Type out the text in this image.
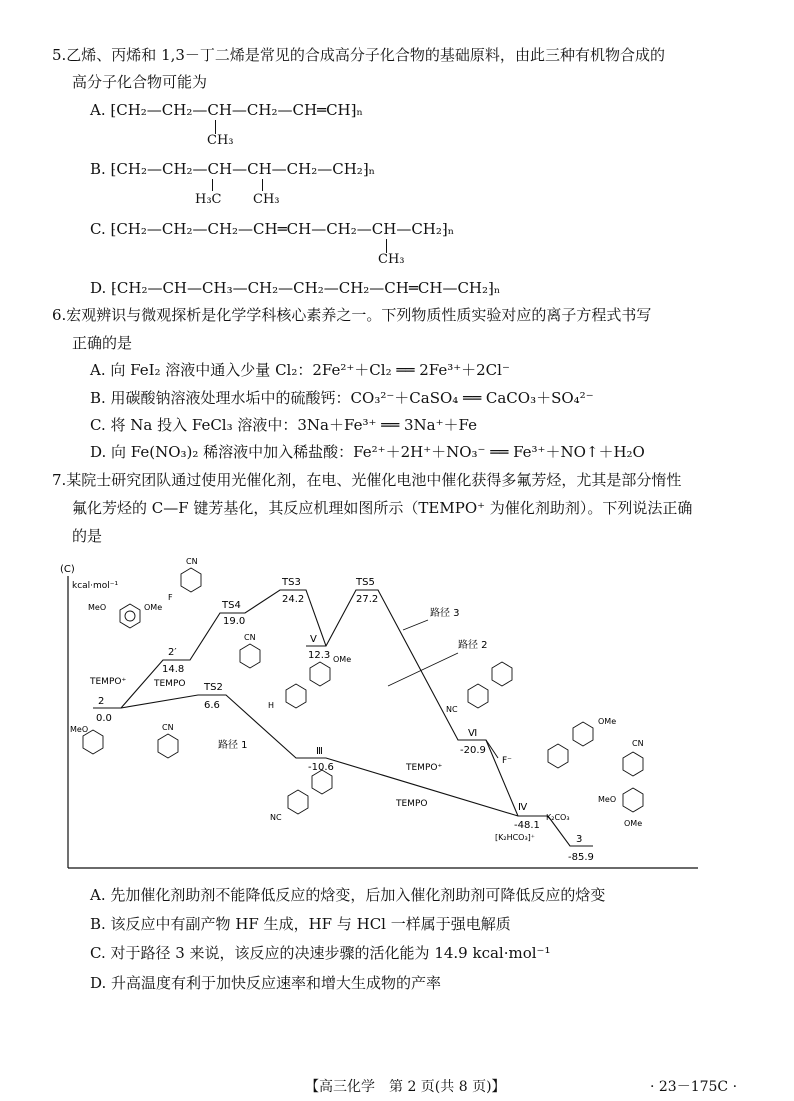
5.乙烯、丙烯和 1,3－丁二烯是常见的合成高分子化合物的基础原料，由此三种有机物合成的
高分子化合物可能为
A. ⁅CH₂—CH₂—CH—CH₂—CH═CH⁆ₙ
CH₃
B. ⁅CH₂—CH₂—CH—CH—CH₂—CH₂⁆ₙ
H₃C CH₃
C. ⁅CH₂—CH₂—CH₂—CH═CH—CH₂—CH—CH₂⁆ₙ
CH₃
D. ⁅CH₂—CH—CH₃—CH₂—CH₂—CH₂—CH═CH—CH₂⁆ₙ
6.宏观辨识与微观探析是化学学科核心素养之一。下列物质性质实验对应的离子方程式书写
正确的是
A. 向 FeI₂ 溶液中通入少量 Cl₂：2Fe²⁺＋Cl₂ ══ 2Fe³⁺＋2Cl⁻
B. 用碳酸钠溶液处理水垢中的硫酸钙：CO₃²⁻＋CaSO₄ ══ CaCO₃＋SO₄²⁻
C. 将 Na 投入 FeCl₃ 溶液中：3Na＋Fe³⁺ ══ 3Na⁺＋Fe
D. 向 Fe(NO₃)₂ 稀溶液中加入稀盐酸：Fe²⁺＋2H⁺＋NO₃⁻ ══ Fe³⁺＋NO↑＋H₂O
7.某院士研究团队通过使用光催化剂，在电、光催化电池中催化获得多氟芳烃，尤其是部分惰性
氟化芳烃的 C—F 键芳基化，其反应机理如图所示（TEMPO⁺ 为催化剂助剂）。下列说法正确
的是
(C)
kcal·mol⁻¹
2
0.0
2′
14.8
TS2
6.6
TS4
19.0
TS3
24.2
V
12.3
TS5
27.2
Ⅲ
-10.6
Ⅵ
-20.9
Ⅳ
-48.1
3
-85.9
路径 1
路径 2
路径 3
TEMPO⁺	TEMPO
TEMPO⁺
TEMPO
F⁻
K₂CO₃
[K₂HCO₃]⁺
MeO	OMe
CN
F
CN
H
OMe
MeO	CN
NC
NC
OMe
CN
MeO
OMe
A. 先加催化剂助剂不能降低反应的焓变，后加入催化剂助剂可降低反应的焓变
B. 该反应中有副产物 HF 生成，HF 与 HCl 一样属于强电解质
C. 对于路径 3 来说，该反应的决速步骤的活化能为 14.9 kcal·mol⁻¹
D. 升高温度有利于加快反应速率和增大生成物的产率
【高三化学　第 2 页(共 8 页)】	· 23－175C ·
